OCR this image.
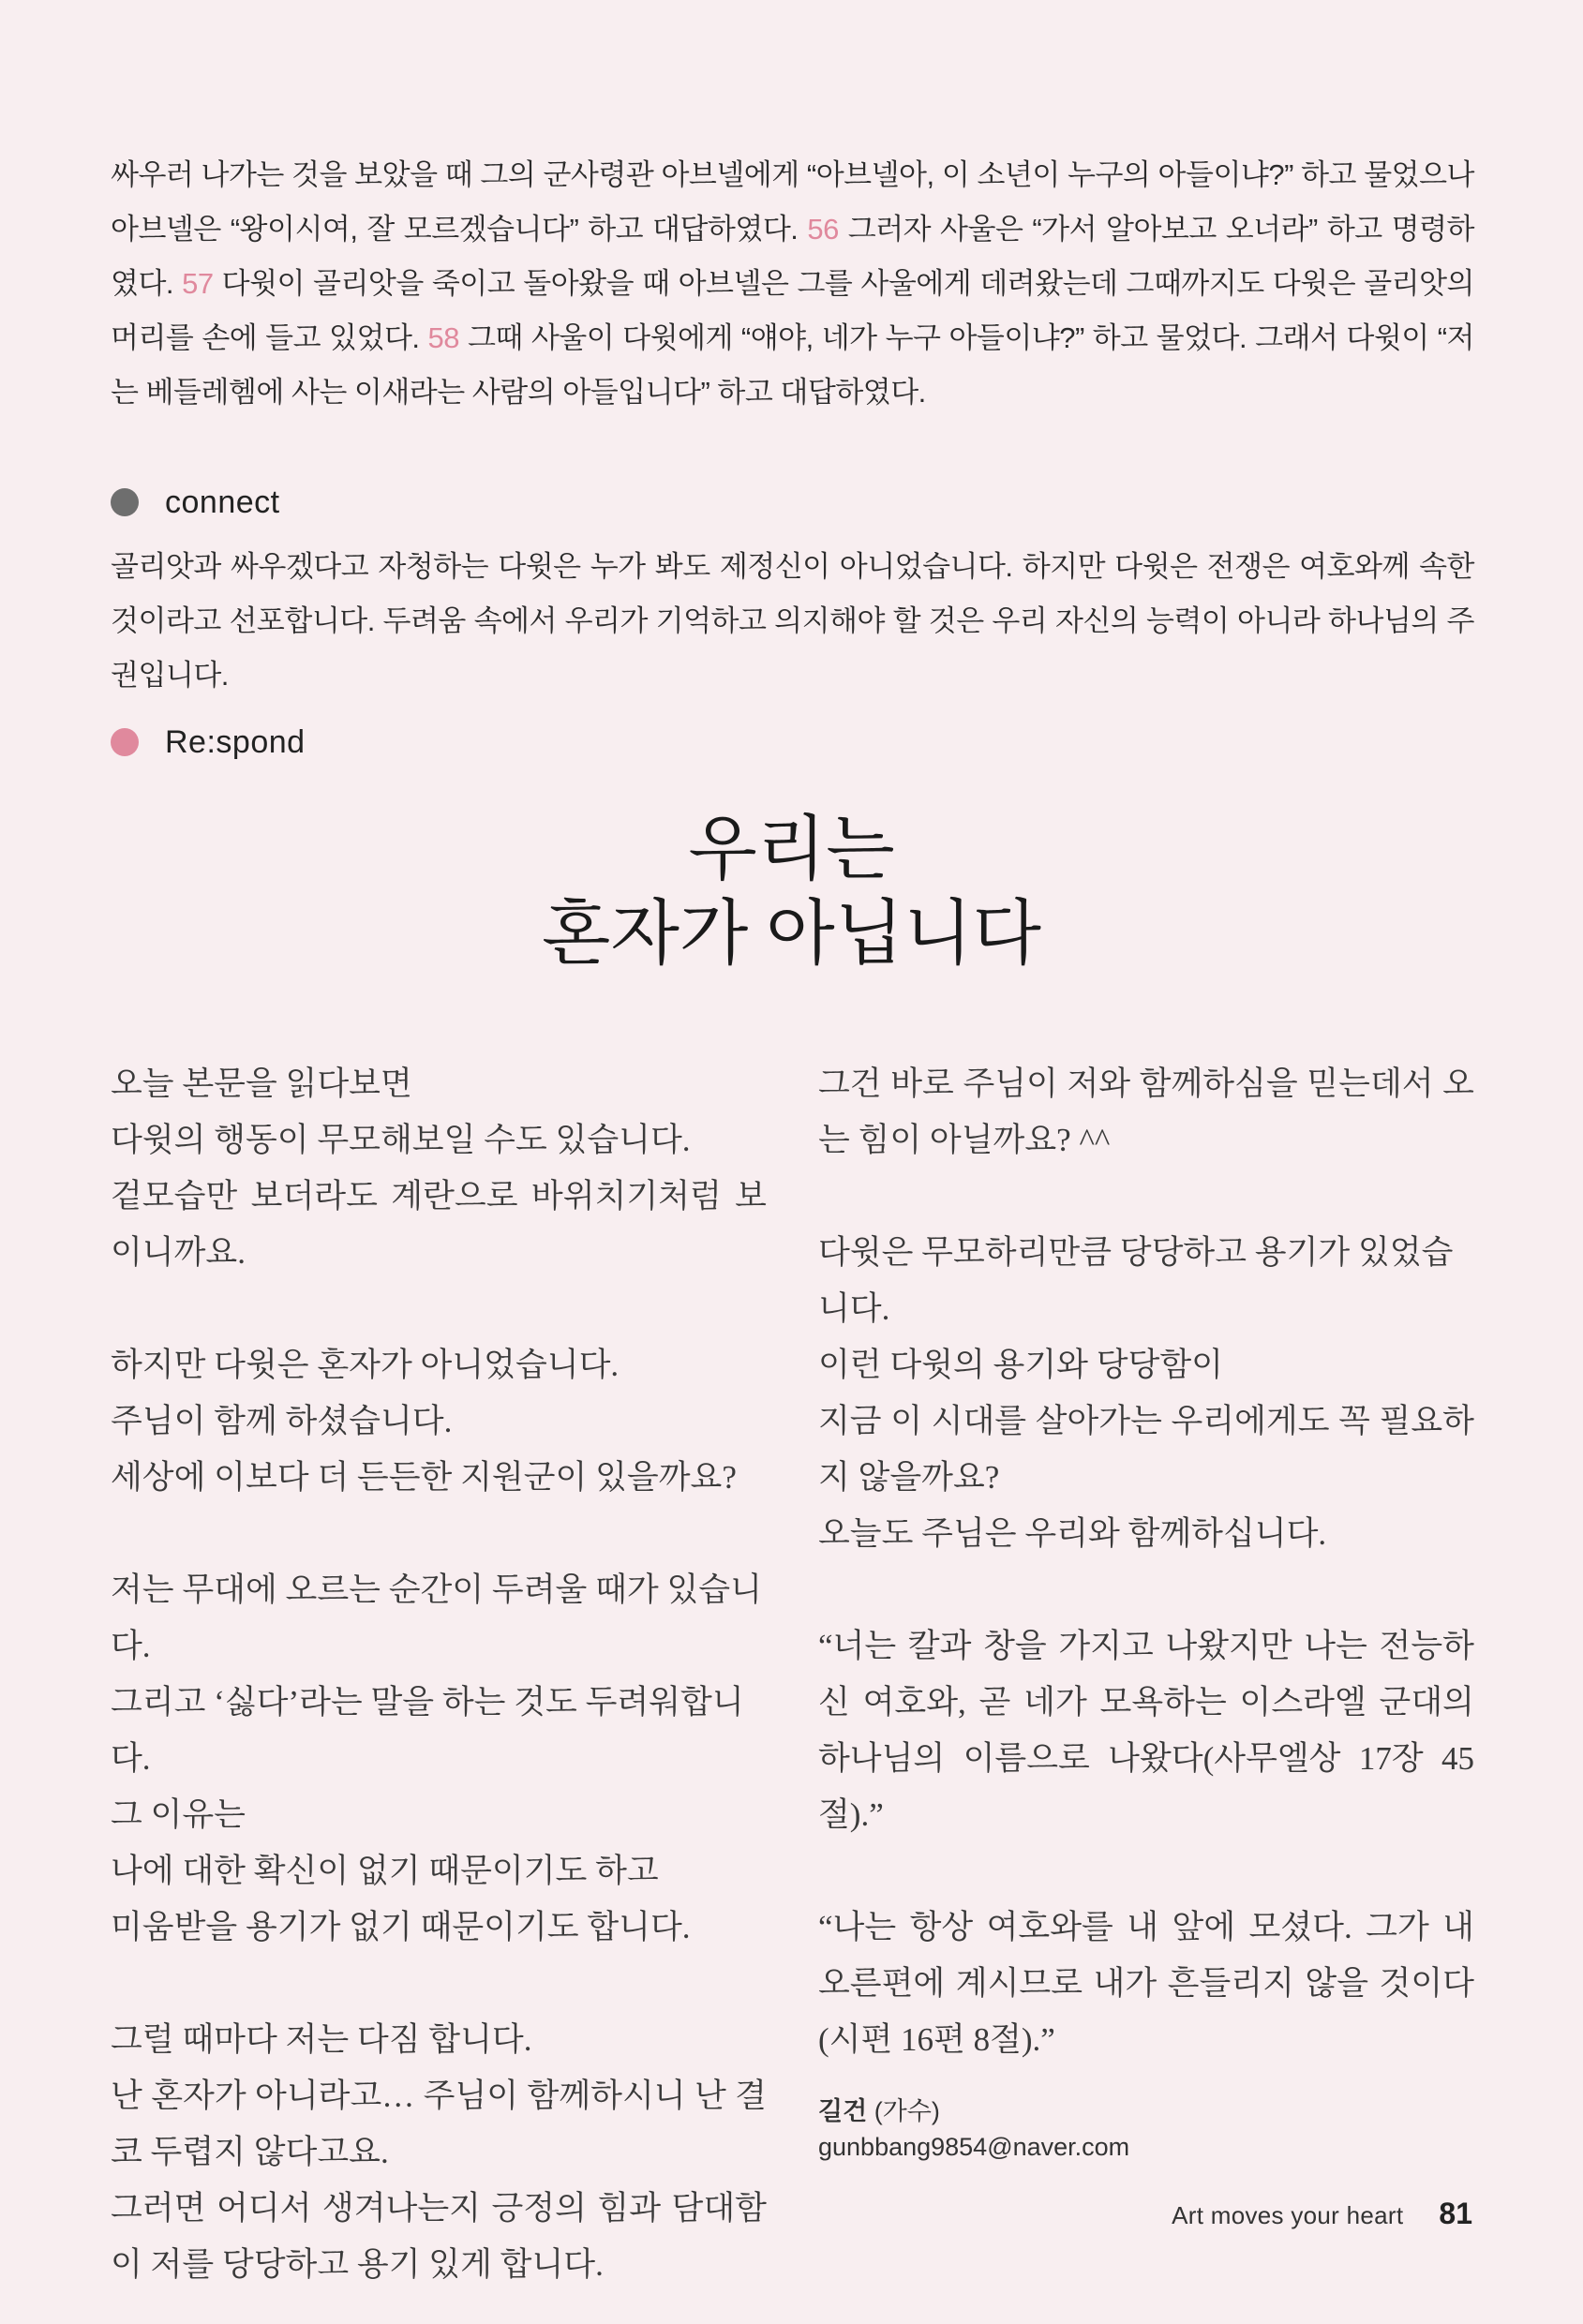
싸우러 나가는 것을 보았을 때 그의 군사령관 아브넬에게 “아브넬아, 이 소년이 누구의 아들이냐?” 하고 물었으나 아브넬은 “왕이시여, 잘 모르겠습니다” 하고 대답하였다. 56 그러자 사울은 “가서 알아보고 오너라” 하고 명령하였다. 57 다윗이 골리앗을 죽이고 돌아왔을 때 아브넬은 그를 사울에게 데려왔는데 그때까지도 다윗은 골리앗의 머리를 손에 들고 있었다. 58 그때 사울이 다윗에게 “얘야, 네가 누구 아들이냐?” 하고 물었다. 그래서 다윗이 “저는 베들레헴에 사는 이새라는 사람의 아들입니다” 하고 대답하였다.
connect
골리앗과 싸우겠다고 자청하는 다윗은 누가 봐도 제정신이 아니었습니다. 하지만 다윗은 전쟁은 여호와께 속한 것이라고 선포합니다. 두려움 속에서 우리가 기억하고 의지해야 할 것은 우리 자신의 능력이 아니라 하나님의 주권입니다.
Re:spond
우리는
혼자가 아닙니다

오늘 본문을 읽다보면

다윗의 행동이 무모해보일 수도 있습니다.

겉모습만 보더라도 계란으로 바위치기처럼 보이니까요.

하지만 다윗은 혼자가 아니었습니다.

주님이 함께 하셨습니다.

세상에 이보다 더 든든한 지원군이 있을까요?

저는 무대에 오르는 순간이 두려울 때가 있습니다.

그리고 ‘싫다’라는 말을 하는 것도 두려워합니다.

그 이유는

나에 대한 확신이 없기 때문이기도 하고

미움받을 용기가 없기 때문이기도 합니다.

그럴 때마다 저는 다짐 합니다.

난 혼자가 아니라고… 주님이 함께하시니 난 결코 두렵지 않다고요.

그러면 어디서 생겨나는지 긍정의 힘과 담대함이 저를 당당하고 용기 있게 합니다.

그건 바로 주님이 저와 함께하심을 믿는데서 오는 힘이 아닐까요? ^^

다윗은 무모하리만큼 당당하고 용기가 있었습니다.

이런 다윗의 용기와 당당함이

지금 이 시대를 살아가는 우리에게도 꼭 필요하지 않을까요?

오늘도 주님은 우리와 함께하십니다.

“너는 칼과 창을 가지고 나왔지만 나는 전능하신 여호와, 곧 네가 모욕하는 이스라엘 군대의 하나님의 이름으로 나왔다(사무엘상 17장 45절).”

“나는 항상 여호와를 내 앞에 모셨다. 그가 내 오른편에 계시므로 내가 흔들리지 않을 것이다(시편 16편 8절).”

길건 (가수)
gunbbang9854@naver.com
Art moves your heart 81
